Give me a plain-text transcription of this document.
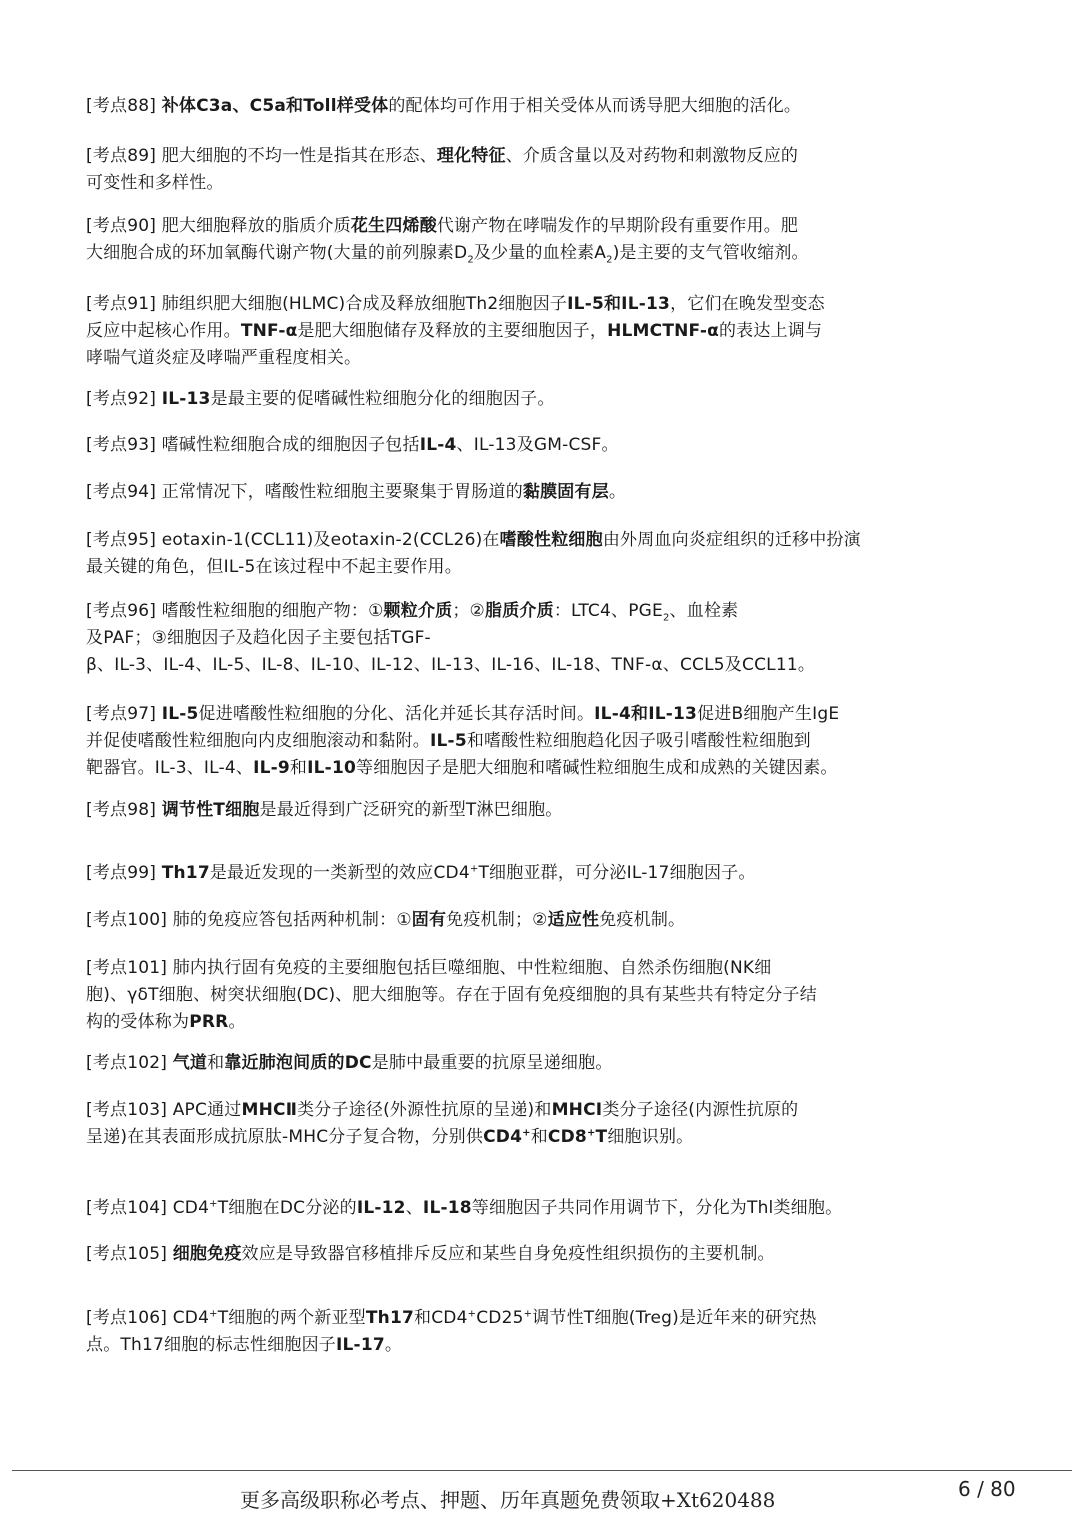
[考点88] 补体C3a、C5a和Toll样受体的配体均可作用于相关受体从而诱导肥大细胞的活化。
[考点89] 肥大细胞的不均一性是指其在形态、理化特征、介质含量以及对药物和刺激物反应的
可变性和多样性。
[考点90] 肥大细胞释放的脂质介质花生四烯酸代谢产物在哮喘发作的早期阶段有重要作用。肥
大细胞合成的环加氧酶代谢产物(大量的前列腺素$D_2$及少量的血栓素$A_2$)是主要的支气管收缩剂。
[考点91] 肺组织肥大细胞(HLMC)合成及释放细胞Th2细胞因子IL-5和IL-13，它们在晚发型变态
反应中起核心作用。TNF-α是肥大细胞储存及释放的主要细胞因子，HLMCTNF-α的表达上调与
哮喘气道炎症及哮喘严重程度相关。
[考点92] IL-13是最主要的促嗜碱性粒细胞分化的细胞因子。
[考点93] 嗜碱性粒细胞合成的细胞因子包括IL-4、IL-13及GM-CSF。
[考点94] 正常情况下，嗜酸性粒细胞主要聚集于胃肠道的黏膜固有层。
[考点95] eotaxin-1(CCL11)及eotaxin-2(CCL26)在嗜酸性粒细胞由外周血向炎症组织的迁移中扮演
最关键的角色，但IL-5在该过程中不起主要作用。
[考点96] 嗜酸性粒细胞的细胞产物：①颗粒介质；②脂质介质：LTC4、$PGE_2$、血栓素
及PAF；③细胞因子及趋化因子主要包括TGF-
β、IL-3、IL-4、IL-5、IL-8、IL-10、IL-12、IL-13、IL-16、IL-18、TNF-α、CCL5及CCL11。
[考点97] IL-5促进嗜酸性粒细胞的分化、活化并延长其存活时间。IL-4和IL-13促进B细胞产生IgE
并促使嗜酸性粒细胞向内皮细胞滚动和黏附。IL-5和嗜酸性粒细胞趋化因子吸引嗜酸性粒细胞到
靶器官。IL-3、IL-4、IL-9和IL-10等细胞因子是肥大细胞和嗜碱性粒细胞生成和成熟的关键因素。
[考点98] 调节性T细胞是最近得到广泛研究的新型T淋巴细胞。
[考点99] Th17是最近发现的一类新型的效应CD4+T细胞亚群，可分泌IL-17细胞因子。
[考点100] 肺的免疫应答包括两种机制：①固有免疫机制；②适应性免疫机制。
[考点101] 肺内执行固有免疫的主要细胞包括巨噬细胞、中性粒细胞、自然杀伤细胞(NK细
胞)、γδT细胞、树突状细胞(DC)、肥大细胞等。存在于固有免疫细胞的具有某些共有特定分子结
构的受体称为PRR。
[考点102] 气道和靠近肺泡间质的DC是肺中最重要的抗原呈递细胞。
[考点103] APC通过MHCⅡ类分子途径(外源性抗原的呈递)和MHCⅠ类分子途径(内源性抗原的
呈递)在其表面形成抗原肽-MHC分子复合物，分别供CD4+和CD8+T细胞识别。
[考点104] CD4+T细胞在DC分泌的IL-12、IL-18等细胞因子共同作用调节下，分化为Thl类细胞。
[考点105] 细胞免疫效应是导致器官移植排斥反应和某些自身免疫性组织损伤的主要机制。
[考点106] CD4+T细胞的两个新亚型Th17和CD4+CD25+调节性T细胞(Treg)是近年来的研究热
点。Th17细胞的标志性细胞因子IL-17。
更多高级职称必考点、押题、历年真题免费领取+Xt620488	6 / 80
